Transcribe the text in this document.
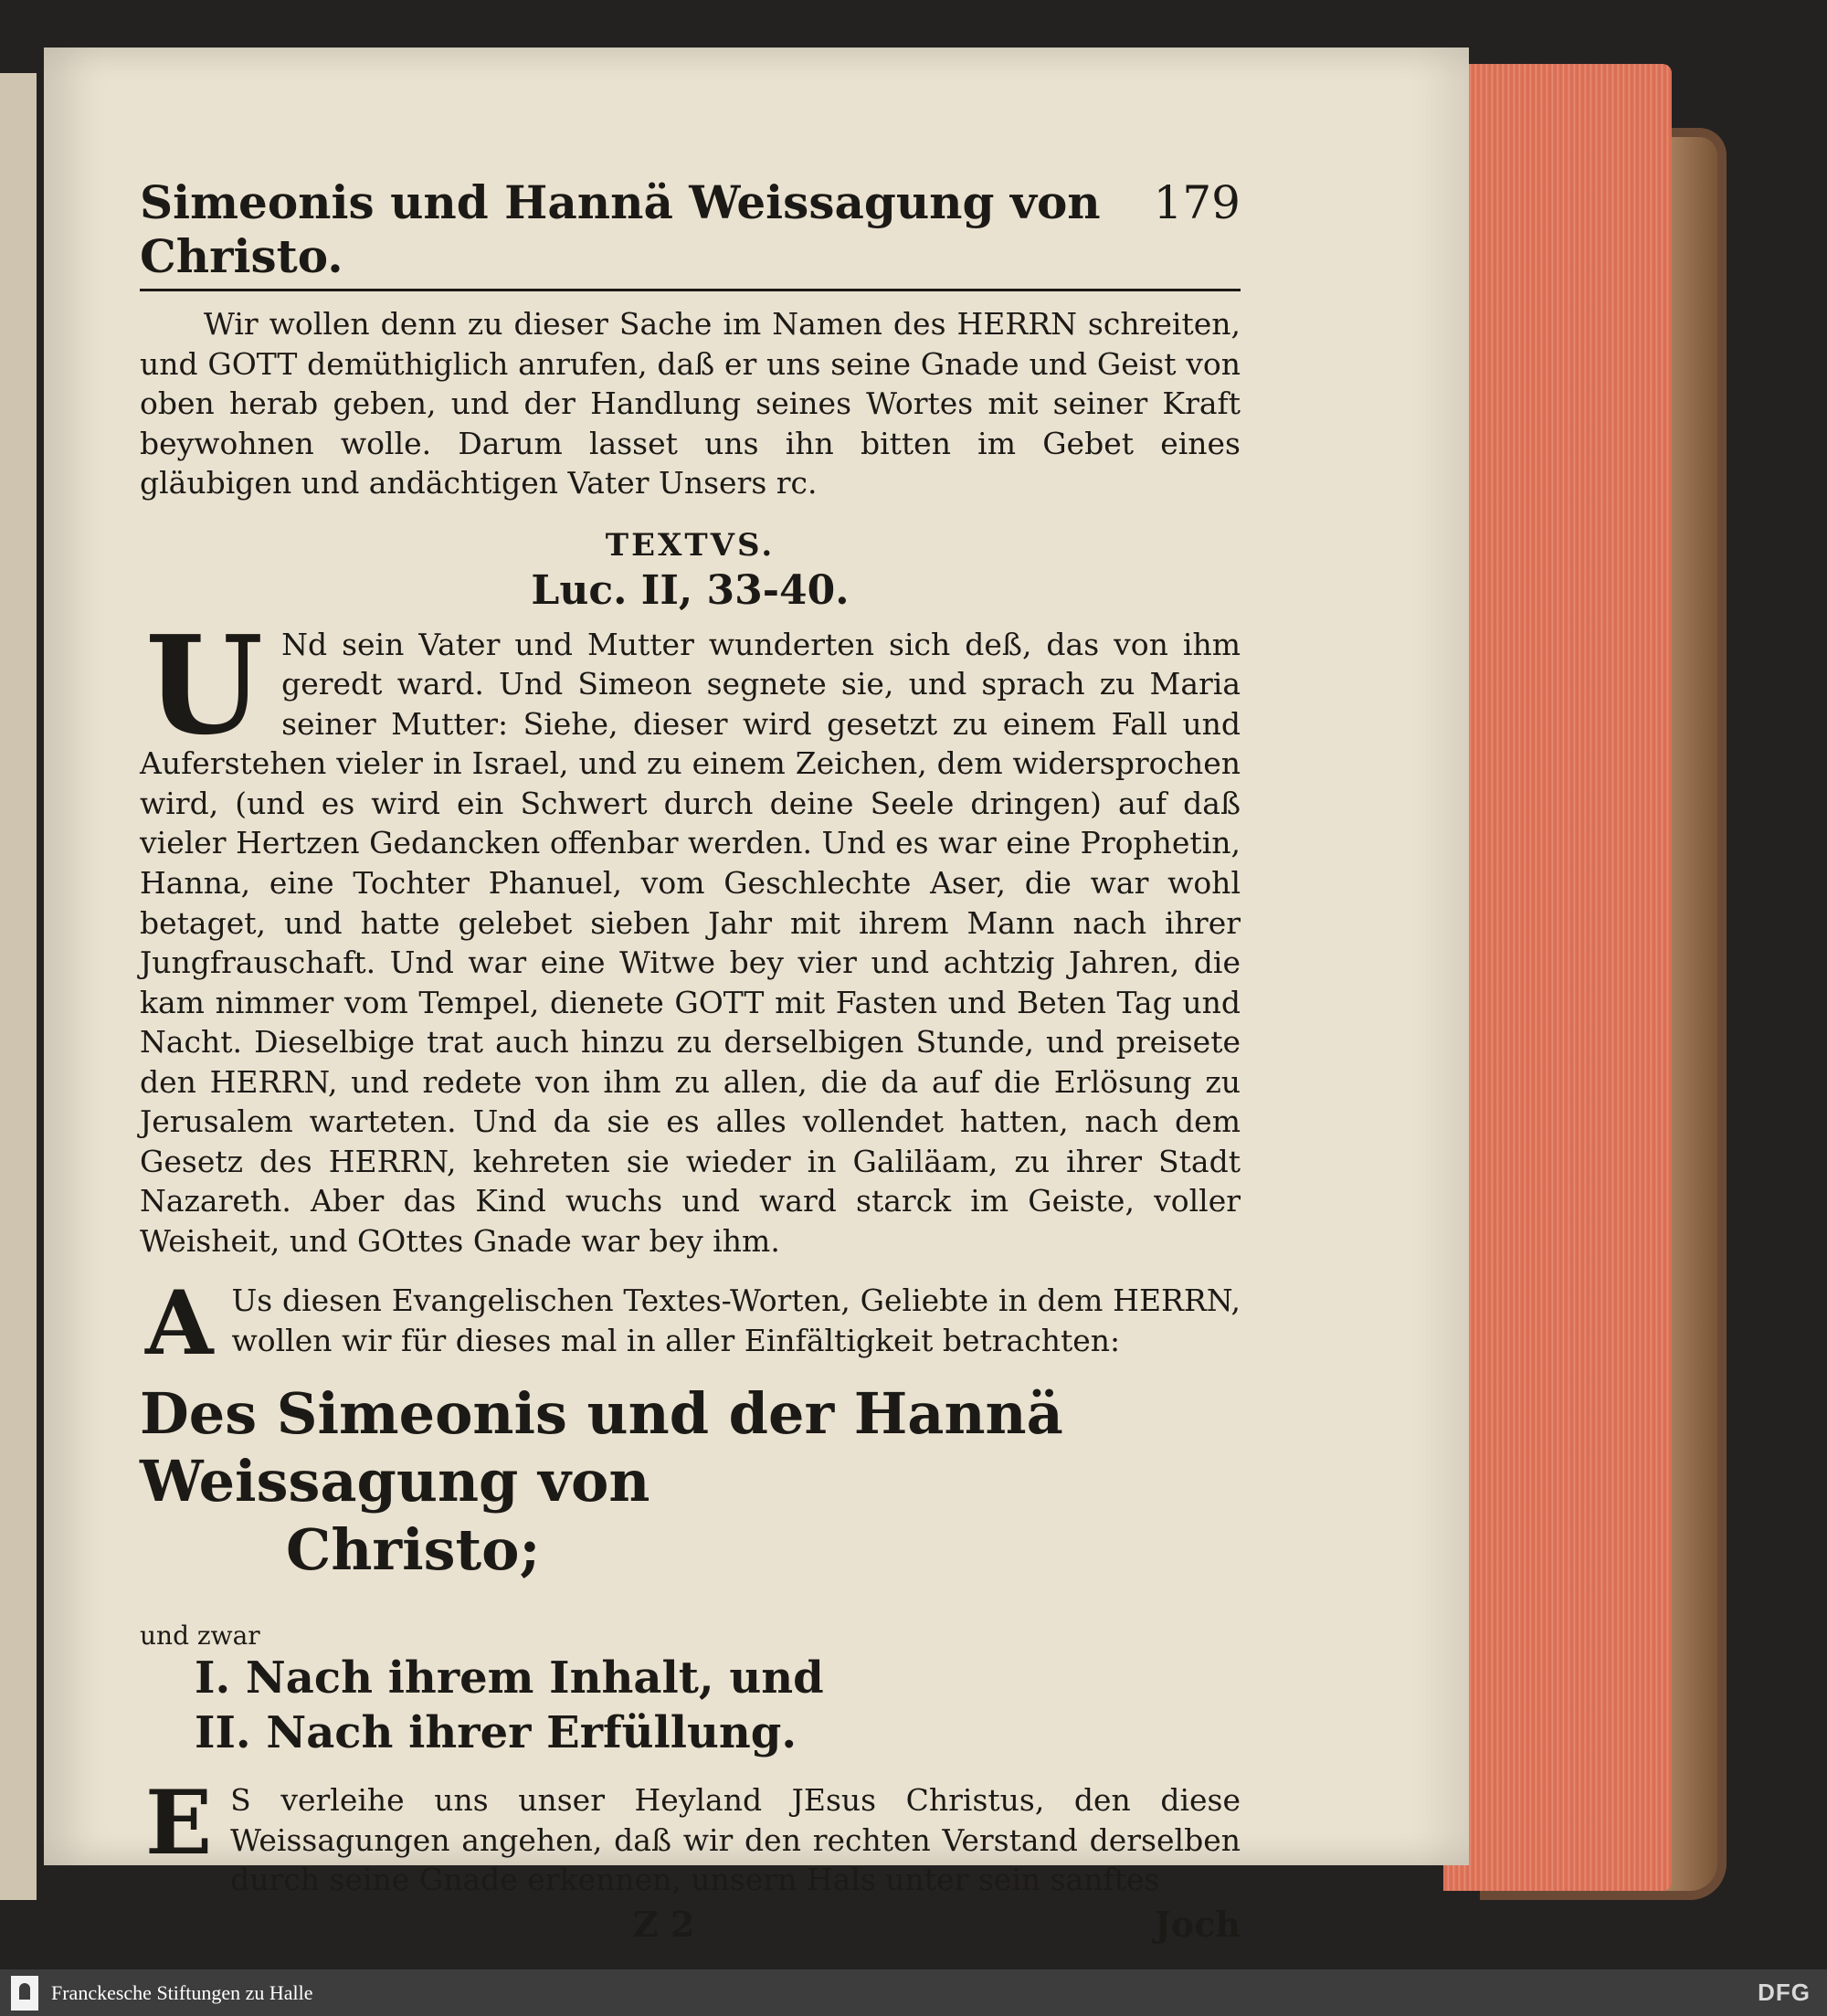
Simeonis und Hannä Weissagung von Christo.
179

Wir wollen denn zu dieser Sache im Namen des HERRN schreiten, und GOTT demüthiglich anrufen, daß er uns seine Gnade und Geist von oben herab geben, und der Handlung seines Wortes mit seiner Kraft beywohnen wolle. Darum lasset uns ihn bitten im Gebet eines gläubigen und andächtigen Vater Unsers rc.

TEXTVS.
Luc. II, 33-40.

U Nd sein Vater und Mutter wunderten sich deß, das von ihm geredt ward. Und Simeon segnete sie, und sprach zu Maria seiner Mutter: Siehe, dieser wird gesetzt zu einem Fall und Auferstehen vieler in Israel, und zu einem Zeichen, dem widersprochen wird, (und es wird ein Schwert durch deine Seele dringen) auf daß vieler Hertzen Gedancken offenbar werden. Und es war eine Prophetin, Hanna, eine Tochter Phanuel, vom Geschlechte Aser, die war wohl betaget, und hatte gelebet sieben Jahr mit ihrem Mann nach ihrer Jungfrauschaft. Und war eine Witwe bey vier und achtzig Jahren, die kam nimmer vom Tempel, dienete GOTT mit Fasten und Beten Tag und Nacht. Dieselbige trat auch hinzu zu derselbigen Stunde, und preisete den HERRN, und redete von ihm zu allen, die da auf die Erlösung zu Jerusalem warteten. Und da sie es alles vollendet hatten, nach dem Gesetz des HERRN, kehreten sie wieder in Galiläam, zu ihrer Stadt Nazareth. Aber das Kind wuchs und ward starck im Geiste, voller Weisheit, und GOttes Gnade war bey ihm.

A Us diesen Evangelischen Textes-Worten, Geliebte in dem HERRN, wollen wir für dieses mal in aller Einfältigkeit betrachten:

Des Simeonis und der Hannä Weissagung von
Christo;
und zwar
I. Nach ihrem Inhalt, und
II. Nach ihrer Erfüllung.

E S verleihe uns unser Heyland JEsus Christus, den diese Weissagungen angehen, daß wir den rechten Verstand derselben durch seine Gnade erkennen, unsern Hals unter sein sanftes

Z 2	Joch
Franckesche Stiftungen zu Halle	DFG
